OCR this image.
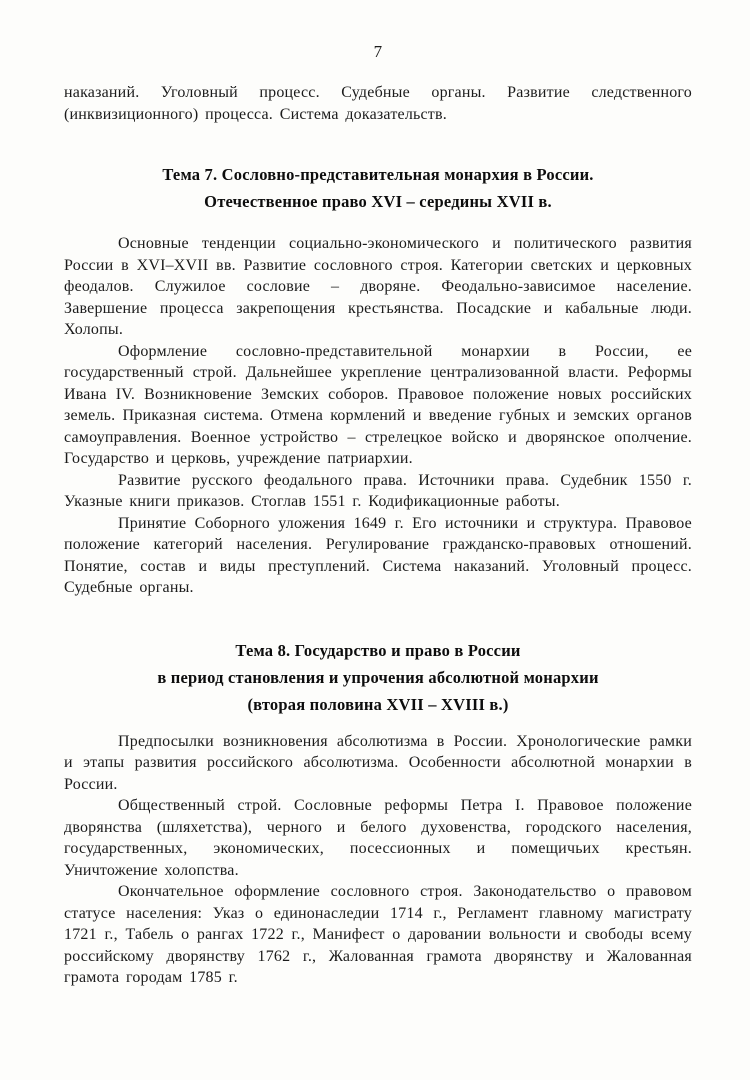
7

наказаний. Уголовный процесс. Судебные органы. Развитие следственного (инквизиционного) процесса. Система доказательств.

Тема 7. Сословно-представительная монархия в России.
Отечественное право XVI – середины XVII в.

Основные тенденции социально-экономического и политического развития России в XVI–XVII вв. Развитие сословного строя. Категории светских и церковных феодалов. Служилое сословие – дворяне. Феодально-зависимое население. Завершение процесса закрепощения крестьянства. Посадские и кабальные люди. Холопы.

Оформление сословно-представительной монархии в России, ее государственный строй. Дальнейшее укрепление централизованной власти. Реформы Ивана IV. Возникновение Земских соборов. Правовое положение новых российских земель. Приказная система. Отмена кормлений и введение губных и земских органов самоуправления. Военное устройство – стрелецкое войско и дворянское ополчение. Государство и церковь, учреждение патриархии.

Развитие русского феодального права. Источники права. Судебник 1550 г. Указные книги приказов. Стоглав 1551 г. Кодификационные работы.

Принятие Соборного уложения 1649 г. Его источники и структура. Правовое положение категорий населения. Регулирование гражданско-правовых отношений. Понятие, состав и виды преступлений. Система наказаний. Уголовный процесс. Судебные органы.

Тема 8. Государство и право в России
в период становления и упрочения абсолютной монархии
(вторая половина XVII – XVIII в.)

Предпосылки возникновения абсолютизма в России. Хронологические рамки и этапы развития российского абсолютизма. Особенности абсолютной монархии в России.

Общественный строй. Сословные реформы Петра I. Правовое положение дворянства (шляхетства), черного и белого духовенства, городского населения, государственных, экономических, посессионных и помещичьих крестьян. Уничтожение холопства.

Окончательное оформление сословного строя. Законодательство о правовом статусе населения: Указ о единонаследии 1714 г., Регламент главному магистрату 1721 г., Табель о рангах 1722 г., Манифест о даровании вольности и свободы всему российскому дворянству 1762 г., Жалованная грамота дворянству и Жалованная грамота городам 1785 г.
